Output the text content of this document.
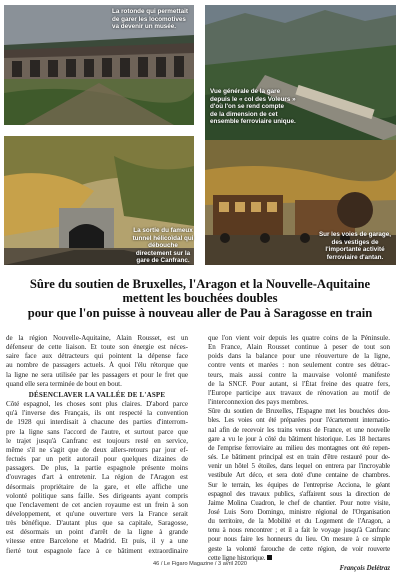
La rotonde qui permettait
de garer les locomotives
va devenir un musée.
Vue générale de la gare
depuis le « col des Voleurs »
d'où l'on se rend compte
de la dimension de cet
ensemble ferroviaire unique.
La sortie du fameux
tunnel hélicoïdal qui
débouche
directement sur la
gare de Canfranc.
Sur les voies de garage,
des vestiges de
l'importante activité
ferroviaire d'antan.
Sûre du soutien de Bruxelles, l'Aragon et la Nouvelle-Aquitaine
mettent les bouchées doubles
pour que l'on puisse à nouveau aller de Pau à Saragosse en train
de la région Nouvelle-Aquitaine, Alain Rousset, est un
défenseur de cette liaison. Et toute son énergie est néces-
saire face aux détracteurs qui pointent la dépense face
au nombre de passagers actuels. À quoi l'élu rétorque que
la ligne ne sera utilisée par les passagers et pour le fret que
quand elle sera terminée de bout en bout.
DÉSENCLAVER LA VALLÉE DE L'ASPE
Côté espagnol, les choses sont plus claires. D'abord parce
qu'à l'inverse des Français, ils ont respecté la convention
de 1928 qui interdisait à chacune des parties d'interrom-
pre la ligne sans l'accord de l'autre, et surtout parce que
le trajet jusqu'à Canfranc est toujours resté en service,
même s'il ne s'agit que de deux allers-retours par jour ef-
fectués par un petit autorail pour quelques dizaines de
passagers. De plus, la partie espagnole présente moins
d'ouvrages d'art à entretenir. La région de l'Aragon est
désormais propriétaire de la gare, et elle affiche une
volonté politique sans faille. Ses dirigeants ayant compris
que l'enclavement de cet ancien royaume est un frein à son
développement, et qu'une ouverture vers la France serait
très bénéfique. D'autant plus que sa capitale, Saragosse,
est désormais un point d'arrêt de la ligne à grande
vitesse entre Barcelone et Madrid. Et puis, il y a une
fierté tout espagnole face à ce bâtiment extraordinaire
que l'on vient voir depuis les quatre coins de la Péninsule.
En France, Alain Rousset continue à peser de tout son
poids dans la balance pour une réouverture de la ligne,
contre vents et marées : non seulement contre ses détrac-
teurs, mais aussi contre la mauvaise volonté manifeste
de la SNCF. Pour autant, si l'État freine des quatre fers,
l'Europe participe aux travaux de rénovation au motif de
l'interconnexion des pays membres.
Sûre du soutien de Bruxelles, l'Espagne met les bouchées dou-
bles. Les voies ont été préparées pour l'écartement internatio-
nal afin de recevoir les trains venus de France, et une nouvelle
gare a vu le jour à côté du bâtiment historique. Les 18 hectares
de l'emprise ferroviaire au milieu des montagnes ont été repen-
sés. Le bâtiment principal est en train d'être restauré pour de-
venir un hôtel 5 étoiles, dans lequel on entrera par l'incroyable
vestibule Art déco, et sera doté d'une centaine de chambres.
Sur le terrain, les équipes de l'entreprise Acciona, le géant
espagnol des travaux publics, s'affairent sous la direction de
Jaime Molina Cuadron, le chef de chantier. Pour notre visite,
José Luis Soro Domingo, ministre régional de l'Organisation
du territoire, de la Mobilité et du Logement de l'Aragon, a
tenu à nous rencontrer ; et il a fait le voyage jusqu'à Canfranc
pour nous faire les honneurs du lieu. On mesure à ce simple
geste la volonté farouche de cette région, de voir rouverte
cette ligne historique.
François Delétraz
46 / Le Figaro Magazine / 3 avril 2020
